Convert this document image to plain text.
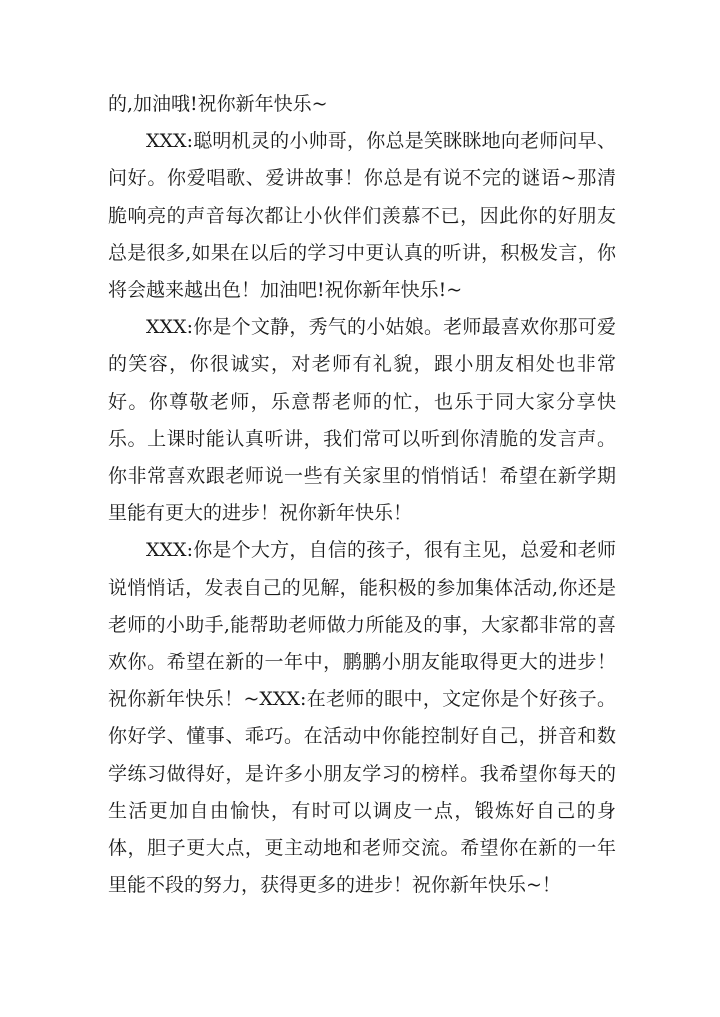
的,加油哦!祝你新年快乐~

XXX:聪明机灵的小帅哥，你总是笑眯眯地向老师问早、问好。你爱唱歌、爱讲故事！你总是有说不完的谜语~那清脆响亮的声音每次都让小伙伴们羡慕不已，因此你的好朋友总是很多,如果在以后的学习中更认真的听讲，积极发言，你将会越来越出色！加油吧!祝你新年快乐!~

XXX:你是个文静，秀气的小姑娘。老师最喜欢你那可爱的笑容，你很诚实，对老师有礼貌，跟小朋友相处也非常好。你尊敬老师，乐意帮老师的忙，也乐于同大家分享快乐。上课时能认真听讲，我们常可以听到你清脆的发言声。你非常喜欢跟老师说一些有关家里的悄悄话！希望在新学期里能有更大的进步！祝你新年快乐！

XXX:你是个大方，自信的孩子，很有主见，总爱和老师说悄悄话，发表自己的见解，能积极的参加集体活动,你还是老师的小助手,能帮助老师做力所能及的事，大家都非常的喜欢你。希望在新的一年中，鹏鹏小朋友能取得更大的进步！祝你新年快乐！~XXX:在老师的眼中，文定你是个好孩子。你好学、懂事、乖巧。在活动中你能控制好自己，拼音和数学练习做得好，是许多小朋友学习的榜样。我希望你每天的生活更加自由愉快，有时可以调皮一点，锻炼好自己的身体，胆子更大点，更主动地和老师交流。希望你在新的一年里能不段的努力，获得更多的进步！祝你新年快乐~！
